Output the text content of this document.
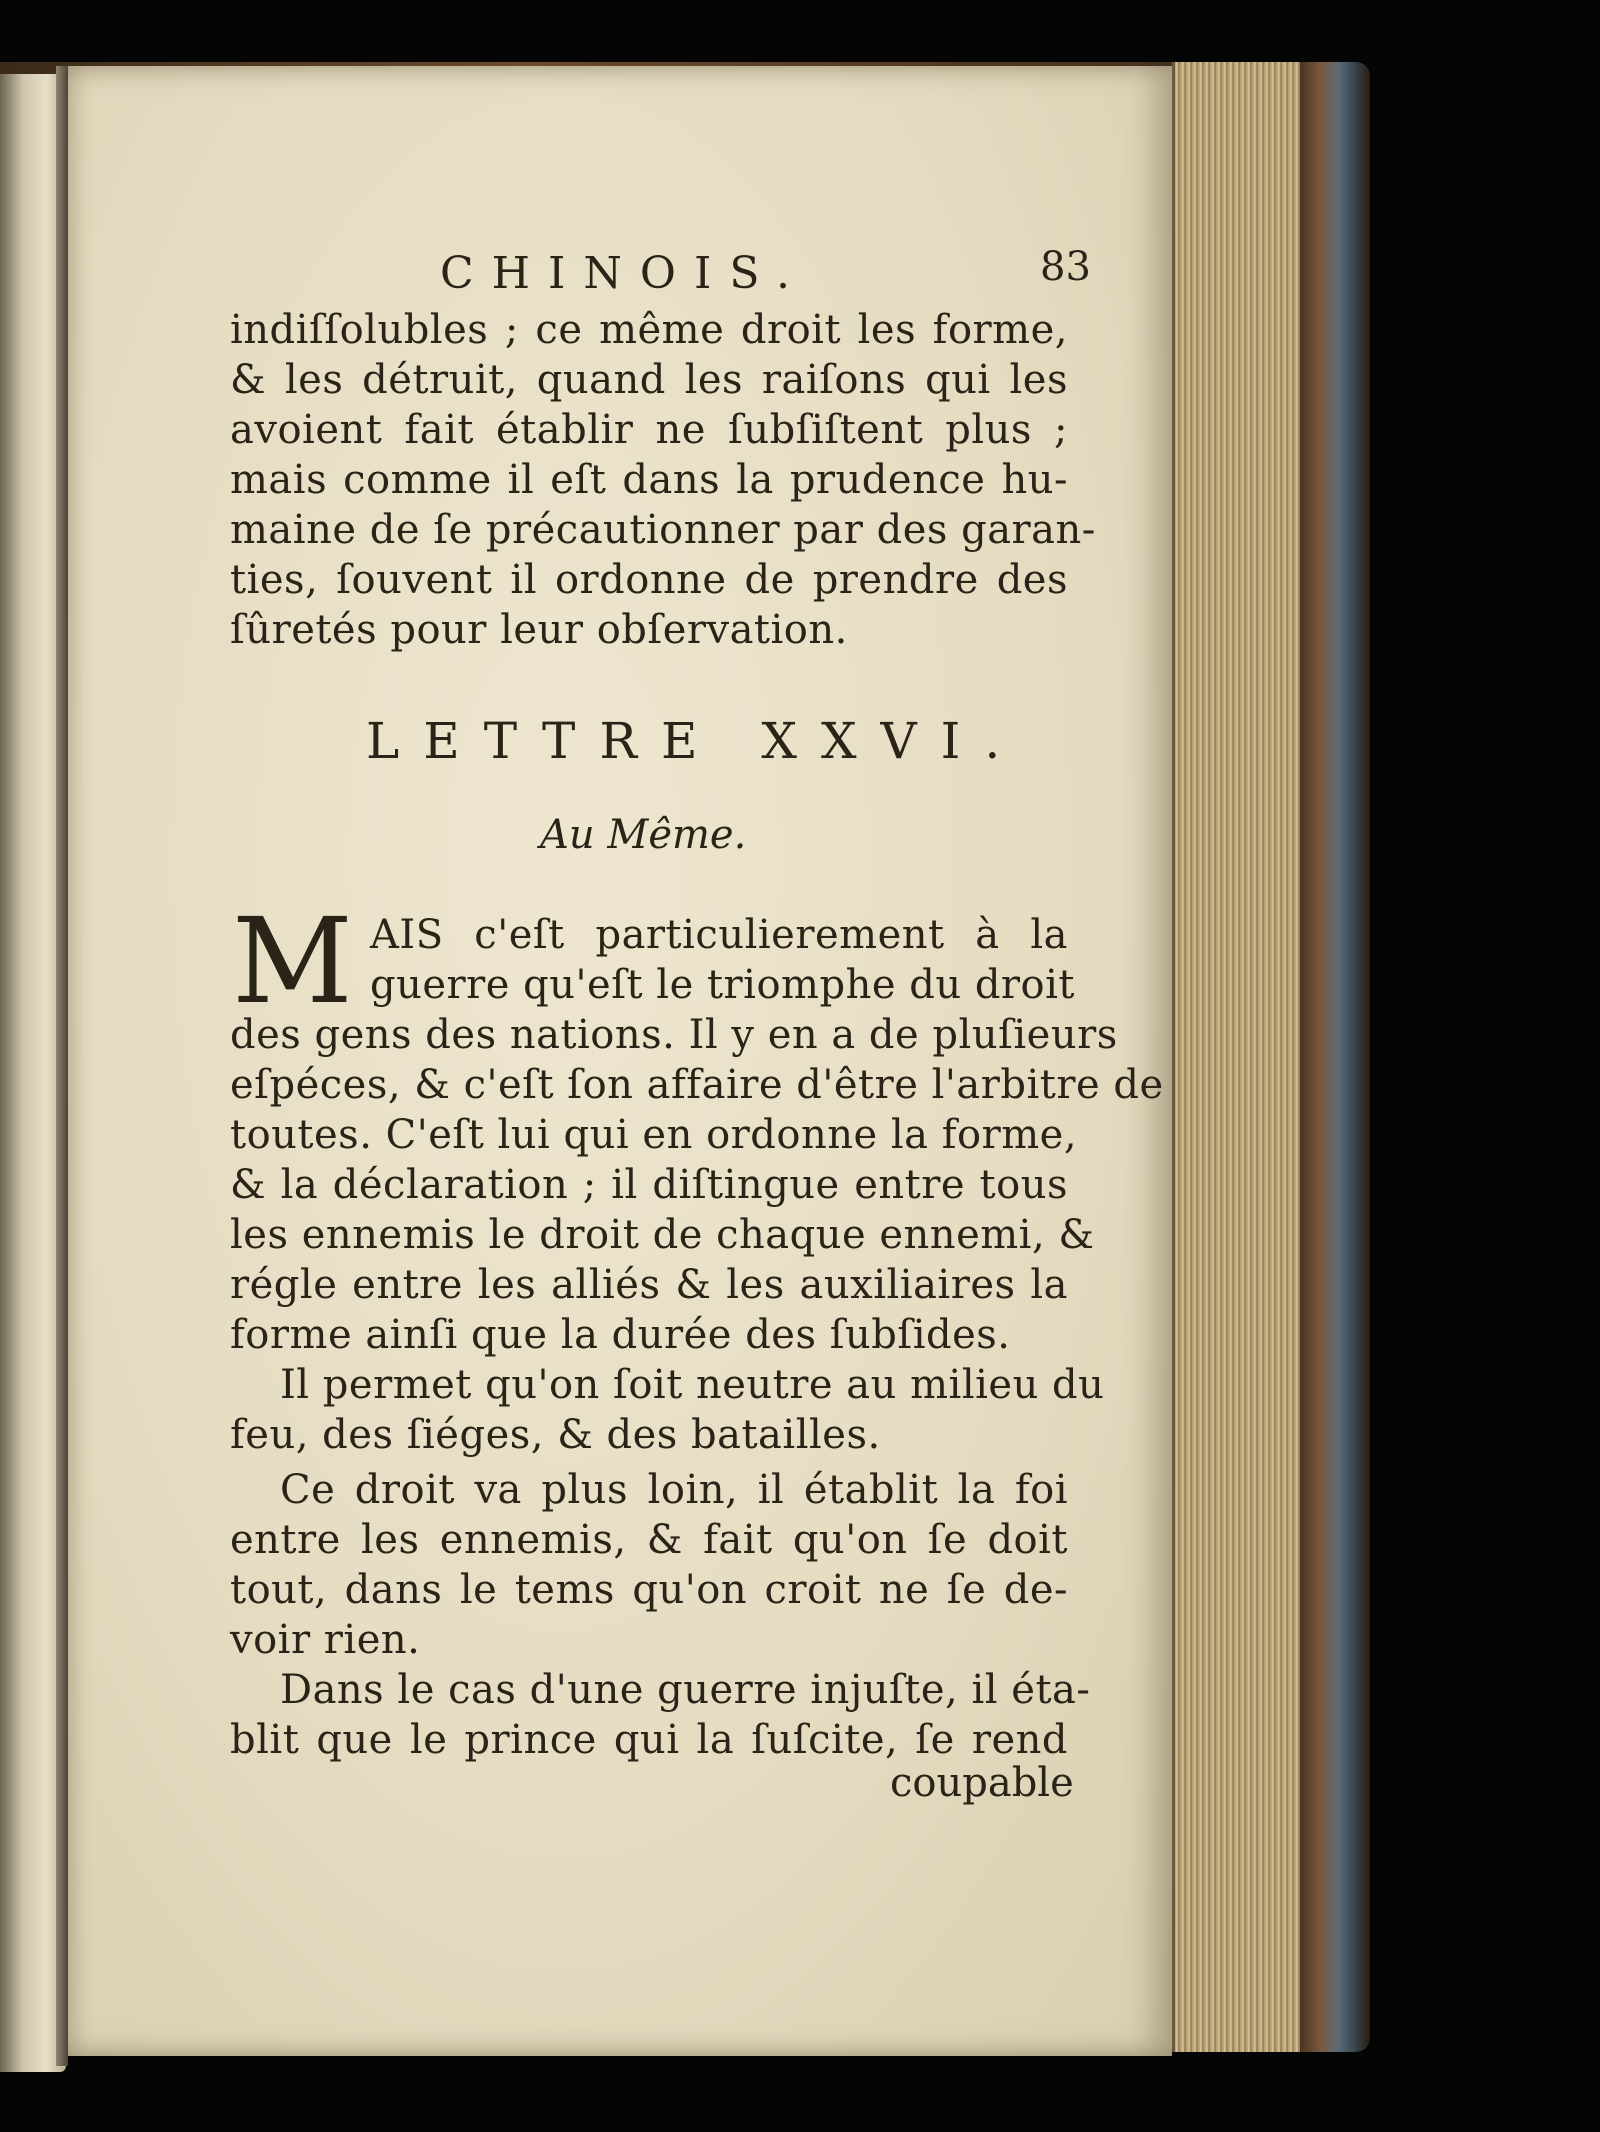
CHINOIS.	83
indiſſolubles ; ce même droit les forme,
& les détruit, quand les raiſons qui les
avoient fait établir ne ſubſiſtent plus ;
mais comme il eſt dans la prudence hu-
maine de ſe précautionner par des garan-
ties, ſouvent il ordonne de prendre des
ſûretés pour leur obſervation.
LETTRE XXVI.
Au Même.
M AIS c'eſt particulierement à la
guerre qu'eſt le triomphe du droit
des gens des nations. Il y en a de pluſieurs
eſpéces, & c'eſt ſon affaire d'être l'arbitre de
toutes. C'eſt lui qui en ordonne la forme,
& la déclaration ; il diſtingue entre tous
les ennemis le droit de chaque ennemi, &
régle entre les alliés & les auxiliaires la
forme ainſi que la durée des ſubſides.
Il permet qu'on ſoit neutre au milieu du
feu, des ſiéges, & des batailles.
Ce droit va plus loin, il établit la foi
entre les ennemis, & fait qu'on ſe doit
tout, dans le tems qu'on croit ne ſe de-
voir rien.
Dans le cas d'une guerre injuſte, il éta-
blit que le prince qui la ſuſcite, ſe rend
coupable
